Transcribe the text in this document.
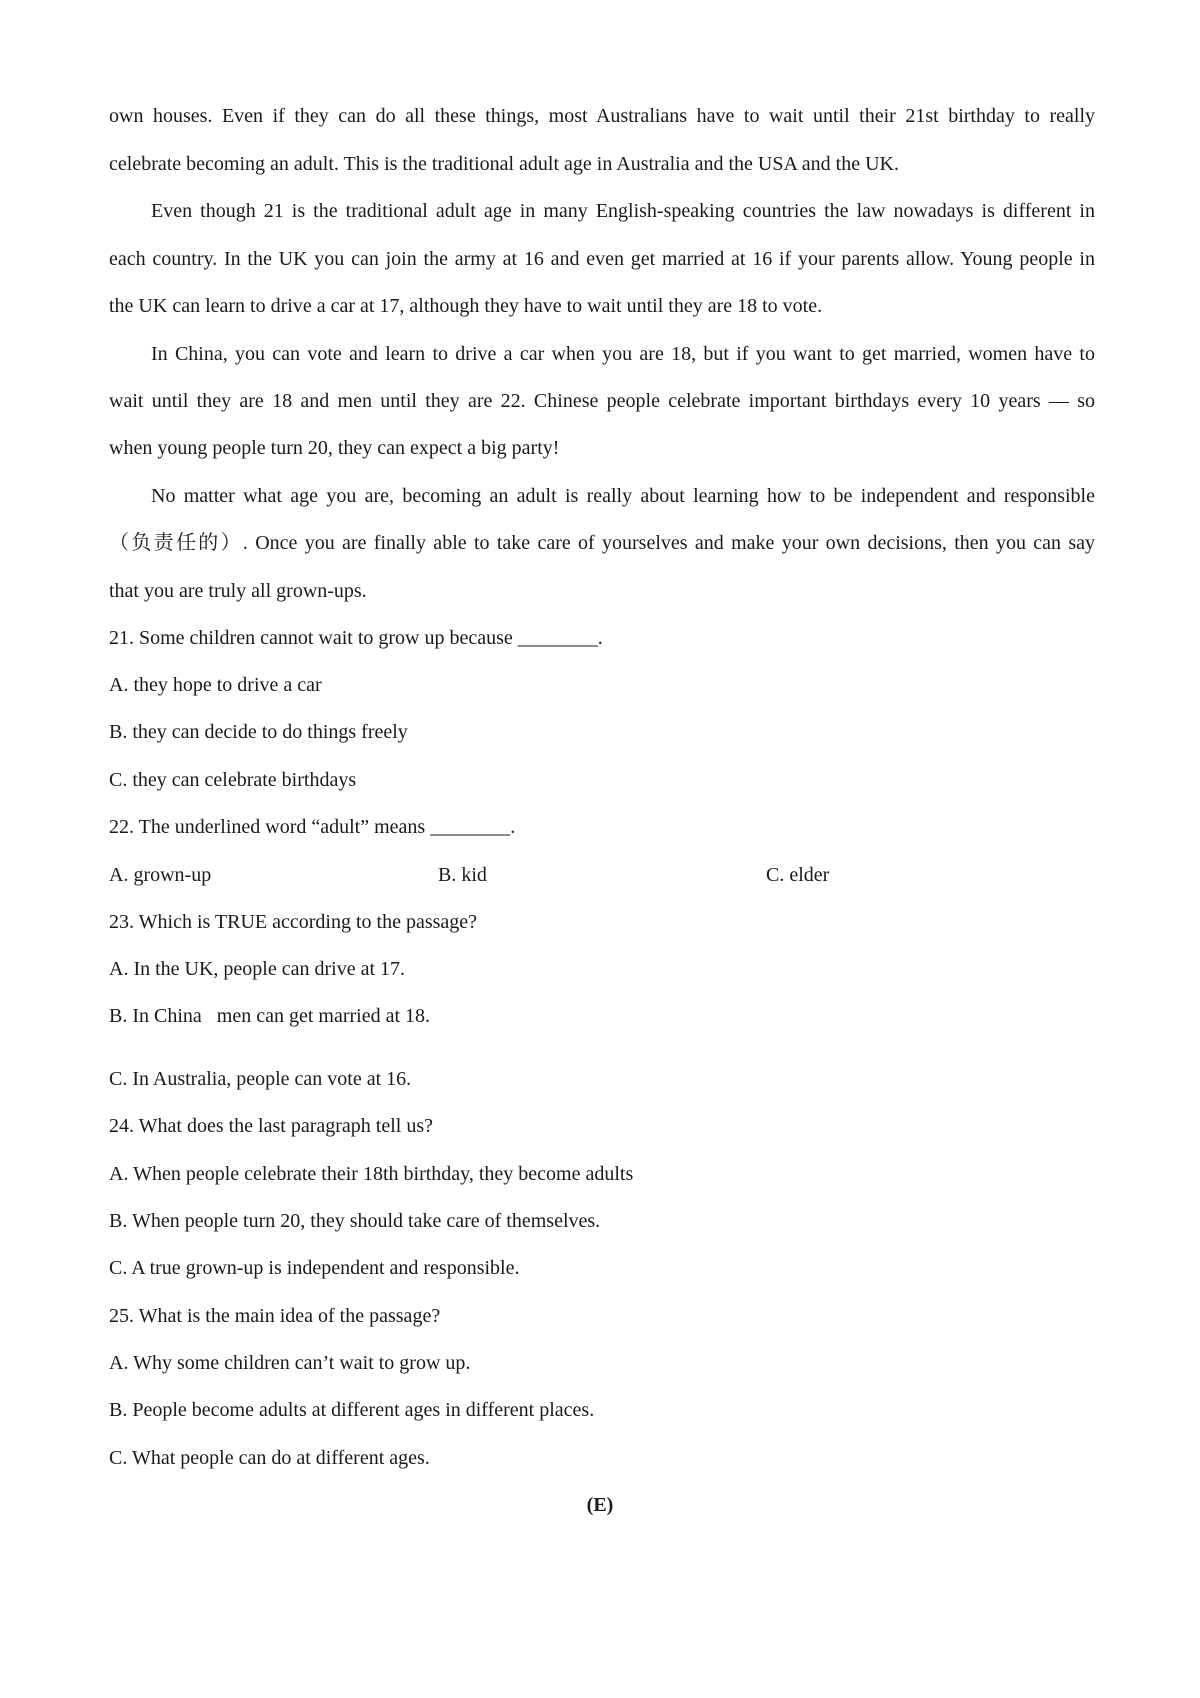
own houses. Even if they can do all these things, most Australians have to wait until their 21st birthday to really
celebrate becoming an adult. This is the traditional adult age in Australia and the USA and the UK.
Even though 21 is the traditional adult age in many English-speaking countries the law nowadays is different in
each country. In the UK you can join the army at 16 and even get married at 16 if your parents allow. Young people in
the UK can learn to drive a car at 17, although they have to wait until they are 18 to vote.
In China, you can vote and learn to drive a car when you are 18, but if you want to get married, women have to
wait until they are 18 and men until they are 22. Chinese people celebrate important birthdays every 10 years — so
when young people turn 20, they can expect a big party!
No matter what age you are, becoming an adult is really about learning how to be independent and responsible
（负责任的）. Once you are finally able to take care of yourselves and make your own decisions, then you can say
that you are truly all grown-ups.
21. Some children cannot wait to grow up because ________.
A. they hope to drive a car
B. they can decide to do things freely
C. they can celebrate birthdays
22. The underlined word “adult” means ________.
A. grown-up	B. kid	C. elder
23. Which is TRUE according to the passage?
A. In the UK, people can drive at 17.
B. In China   men can get married at 18.
C. In Australia, people can vote at 16.
24. What does the last paragraph tell us?
A. When people celebrate their 18th birthday, they become adults
B. When people turn 20, they should take care of themselves.
C. A true grown-up is independent and responsible.
25. What is the main idea of the passage?
A. Why some children can’t wait to grow up.
B. People become adults at different ages in different places.
C. What people can do at different ages.
(E)
